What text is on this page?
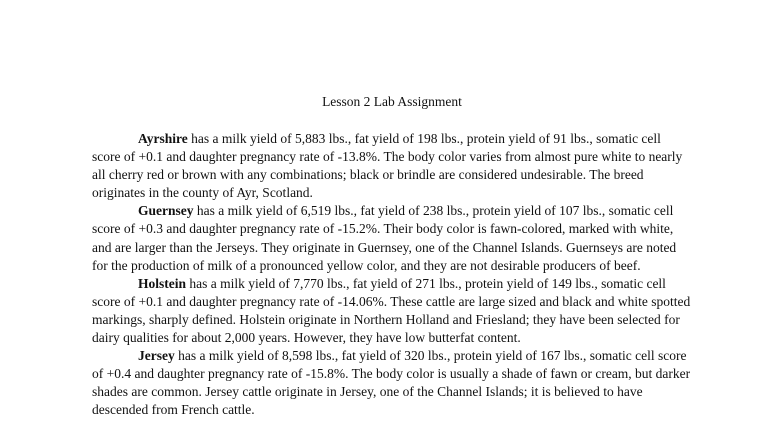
Lesson 2 Lab Assignment

Ayrshire has a milk yield of 5,883 lbs., fat yield of 198 lbs., protein yield of 91 lbs., somatic cell score of +0.1 and daughter pregnancy rate of -13.8%. The body color varies from almost pure white to nearly all cherry red or brown with any combinations; black or brindle are considered undesirable. The breed originates in the county of Ayr, Scotland.

Guernsey has a milk yield of 6,519 lbs., fat yield of 238 lbs., protein yield of 107 lbs., somatic cell score of +0.3 and daughter pregnancy rate of -15.2%. Their body color is fawn-colored, marked with white, and are larger than the Jerseys. They originate in Guernsey, one of the Channel Islands. Guernseys are noted for the production of milk of a pronounced yellow color, and they are not desirable producers of beef.

Holstein has a milk yield of 7,770 lbs., fat yield of 271 lbs., protein yield of 149 lbs., somatic cell score of +0.1 and daughter pregnancy rate of -14.06%. These cattle are large sized and black and white spotted markings, sharply defined. Holstein originate in Northern Holland and Friesland; they have been selected for dairy qualities for about 2,000 years. However, they have low butterfat content.

Jersey has a milk yield of 8,598 lbs., fat yield of 320 lbs., protein yield of 167 lbs., somatic cell score of +0.4 and daughter pregnancy rate of -15.8%. The body color is usually a shade of fawn or cream, but darker shades are common. Jersey cattle originate in Jersey, one of the Channel Islands; it is believed to have descended from French cattle.
